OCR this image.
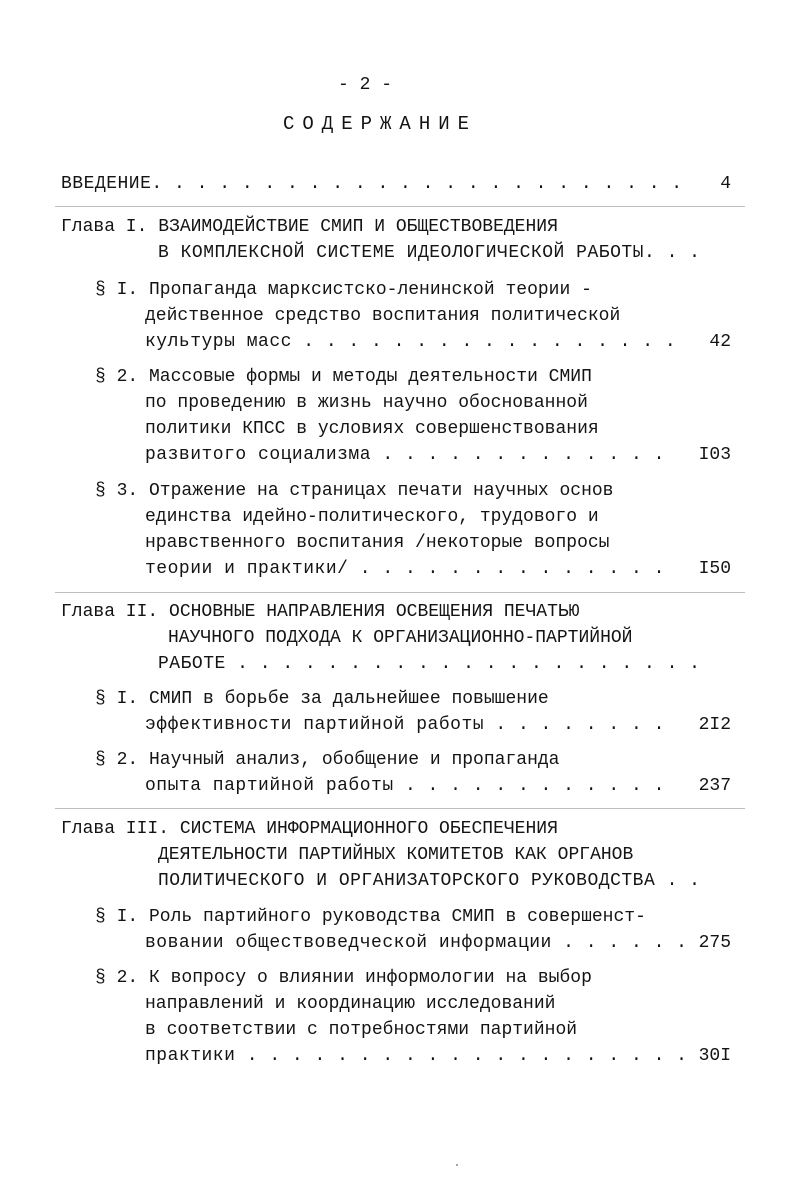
- 2 -
СОДЕРЖАНИЕ
ВВЕДЕНИЕ. . . . . . . . . . . . . . . . . . . . . . . .	4
Глава I. ВЗАИМОДЕЙСТВИЕ СМИП И ОБЩЕСТВОВЕДЕНИЯ
В КОМПЛЕКСНОЙ СИСТЕМЕ ИДЕОЛОГИЧЕСКОЙ РАБОТЫ. . .
§ I. Пропаганда марксистско-ленинской теории -
действенное средство воспитания политической
культуры масс . . . . . . . . . . . . . . . . .	42
§ 2. Массовые формы и методы деятельности СМИП
по проведению в жизнь научно обоснованной
политики КПСС в условиях совершенствования
развитого социализма . . . . . . . . . . . . .	I03
§ 3. Отражение на страницах печати научных основ
единства идейно-политического, трудового и
нравственного воспитания /некоторые вопросы
теории и практики/ . . . . . . . . . . . . . .	I50
Глава II. ОСНОВНЫЕ НАПРАВЛЕНИЯ ОСВЕЩЕНИЯ ПЕЧАТЬЮ
НАУЧНОГО ПОДХОДА К ОРГАНИЗАЦИОННО-ПАРТИЙНОЙ
РАБОТЕ . . . . . . . . . . . . . . . . . . . . .
§ I. СМИП в борьбе за дальнейшее повышение
эффективности партийной работы . . . . . . . .	2I2
§ 2. Научный анализ, обобщение и пропаганда
опыта партийной работы . . . . . . . . . . . .	237
Глава III. СИСТЕМА ИНФОРМАЦИОННОГО ОБЕСПЕЧЕНИЯ
ДЕЯТЕЛЬНОСТИ ПАРТИЙНЫХ КОМИТЕТОВ КАК ОРГАНОВ
ПОЛИТИЧЕСКОГО И ОРГАНИЗАТОРСКОГО РУКОВОДСТВА . .
§ I. Роль партийного руководства СМИП в совершенст-
вовании обществоведческой информации . . . . . . 275
§ 2. К вопросу о влиянии информологии на выбор
направлений и координацию исследований
в соответствии с потребностями партийной
практики . . . . . . . . . . . . . . . . . . . . 30I
